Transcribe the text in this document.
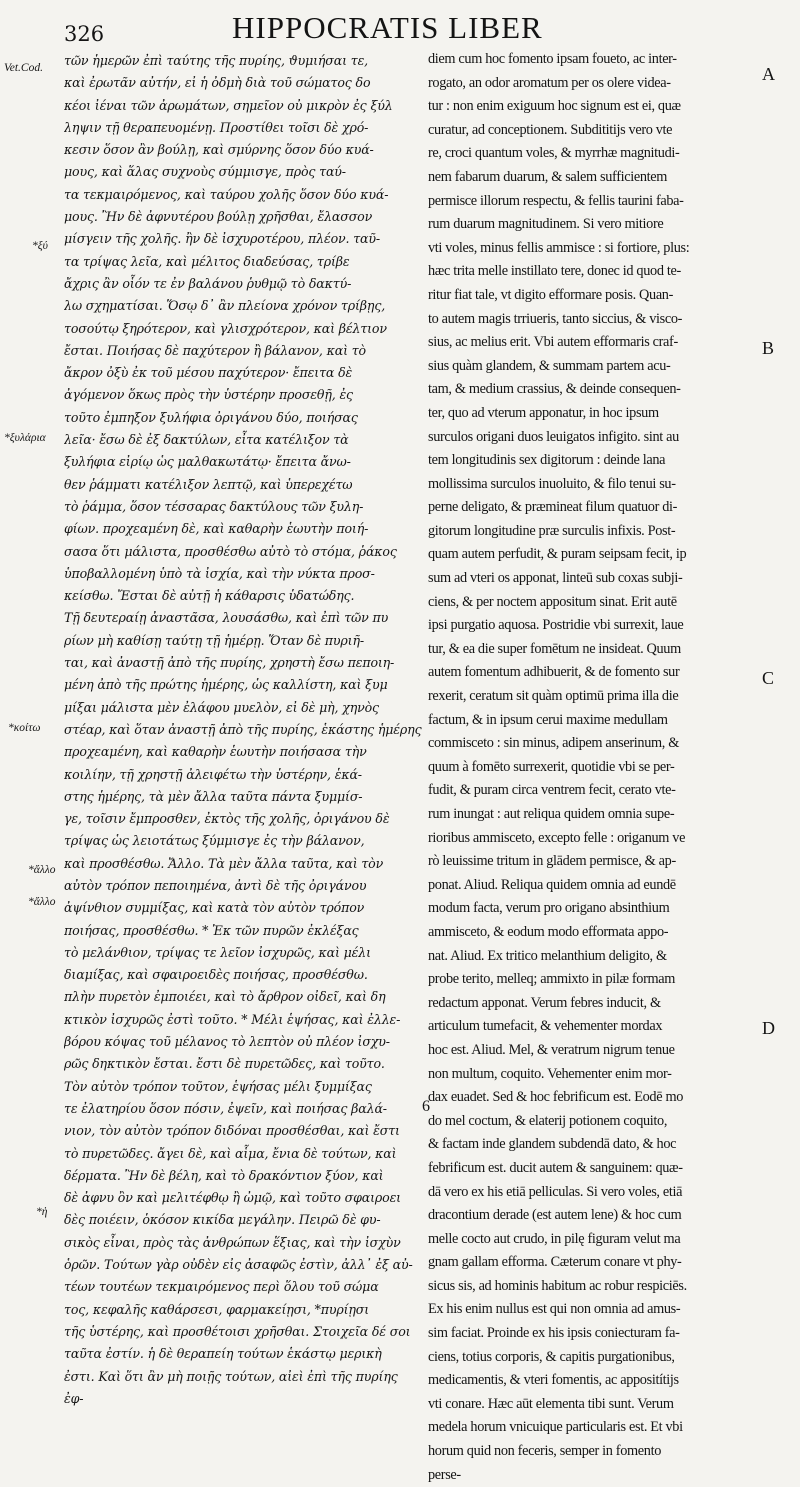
326	HIPPOCRATIS LIBER
Vet.Cod.
*ξύ
*ξυλάρια
*κοίτω
*ἄλλο
*ἄλλο
*ἡ
τῶν ἡμερῶν ἐπὶ ταύτης τῆς πυρίης, ϑυμιήσαι τε,
καὶ ἐρωτᾶν αὐτήν, εἰ ἡ ὀδμὴ διὰ τοῦ σώματος δο
κέοι ἰέναι τῶν ἀρωμάτων, σημεῖον οὐ μικρὸν ἐς ξύλ
ληψιν τῇ θεραπευομένῃ. Προστίθει τοῖσι δὲ χρό-
κεσιν ὅσον ἂν βούλῃ, καὶ σμύρνης ὅσον δύο κυά-
μους, καὶ ἅλας συχνοὺς σύμμισγε, πρὸς ταύ-
τα τεκμαιρόμενος, καὶ ταύρου χολῆς ὅσον δύο κυά-
μους. Ἢν δὲ ἀφνυτέρου βούλῃ χρῆσθαι, ἔλασσον
μίσγειν τῆς χολῆς. ἢν δὲ ἰσχυροτέρου, πλέον. ταῦ-
τα τρίψας λεῖα, καὶ μέλιτος διαδεύσας, τρίβε
ἄχρις ἂν οἷόν τε ἐν βαλάνου ῥυθμῷ τὸ δακτύ-
λω σχηματίσαι. Ὅσῳ δ᾽ ἂν πλείονα χρόνον τρίβῃς,
τοσούτῳ ξηρότερον, καὶ γλισχρότερον, καὶ βέλτιον
ἔσται. Ποιήσας δὲ παχύτερον ἢ βάλανον, καὶ τὸ
ἄκρον ὀξὺ ἐκ τοῦ μέσου παχύτερον· ἔπειτα δὲ
ἀγόμενον ὅκως πρὸς τὴν ὑστέρην προσεθῇ, ἐς
τοῦτο ἐμπηξον ξυλήφια ὀριγάνου δύο, ποιήσας
λεῖα· ἔσω δὲ ἐξ δακτύλων, εἶτα κατέλιξον τὰ
ξυλήφια εἰρίῳ ὡς μαλθακωτάτῳ· ἔπειτα ἄνω-
θεν ῥάμματι κατέλιξον λεπτῷ, καὶ ὑπερεχέτω
τὸ ῥάμμα, ὅσον τέσσαρας δακτύλους τῶν ξυλη-
φίων. προχεαμένη δὲ, καὶ καθαρὴν ἑωυτὴν ποιή-
σασα ὅτι μάλιστα, προσθέσθω αὐτὸ τὸ στόμα, ῥάκος
ὑποβαλλομένη ὑπὸ τὰ ἰσχία, καὶ τὴν νύκτα προσ-
κείσθω. Ἔσται δὲ αὐτῇ ἡ κάθαρσις ὑδατώδης.
Τῇ δευτεραίῃ ἀναστᾶσα, λουσάσθω, καὶ ἐπὶ τῶν πυ
ρίων μὴ καθίσῃ ταύτῃ τῇ ἡμέρῃ. Ὅταν δὲ πυριῆ-
ται, καὶ ἀναστῇ ἀπὸ τῆς πυρίης, χρηστὴ ἔσω πεποιη-
μένη ἀπὸ τῆς πρώτης ἡμέρης, ὡς καλλίστη, καὶ ξυμ
μίξαι μάλιστα μὲν ἐλάφου μυελὸν, εἰ δὲ μὴ, χηνὸς
στέαρ, καὶ ὅταν ἀναστῇ ἀπὸ τῆς πυρίης, ἑκάστης ἡμέρης
προχεαμένη, καὶ καθαρὴν ἑωυτὴν ποιήσασα τὴν
κοιλίην, τῇ χρηστῇ ἀλειφέτω τὴν ὑστέρην, ἑκά-
στης ἡμέρης, τὰ μὲν ἄλλα ταῦτα πάντα ξυμμίσ-
γε, τοῖσιν ἔμπροσθεν, ἐκτὸς τῆς χολῆς, ὀριγάνου δὲ
τρίψας ὡς λειοτάτως ξύμμισγε ἐς τὴν βάλανον,
καὶ προσθέσθω. Ἄλλο. Τὰ μὲν ἄλλα ταῦτα, καὶ τὸν
αὐτὸν τρόπον πεποιημένα, ἀντὶ δὲ τῆς ὀριγάνου
ἀψίνθιον συμμίξας, καὶ κατὰ τὸν αὐτὸν τρόπον
ποιήσας, προσθέσθω. * Ἐκ τῶν πυρῶν ἐκλέξας
τὸ μελάνθιον, τρίψας τε λεῖον ἰσχυρῶς, καὶ μέλι
διαμίξας, καὶ σφαιροειδὲς ποιήσας, προσθέσθω.
πλὴν πυρετὸν ἐμποιέει, καὶ τὸ ἄρθρον οἰδεῖ, καὶ δη
κτικὸν ἰσχυρῶς ἐστὶ τοῦτο. * Μέλι ἑψήσας, καὶ ἐλλε-
βόρου κόψας τοῦ μέλανος τὸ λεπτὸν οὐ πλέον ἰσχυ-
ρῶς δηκτικὸν ἔσται. ἔστι δὲ πυρετῶδες, καὶ τοῦτο.
Τὸν αὐτὸν τρόπον τοῦτον, ἑψήσας μέλι ξυμμίξας
τε ἐλατηρίου ὅσον πόσιν, ἐψεῖν, καὶ ποιήσας βαλά-
νιον, τὸν αὐτὸν τρόπον διδόναι προσθέσθαι, καὶ ἔστι
τὸ πυρετῶδες. ἄγει δὲ, καὶ αἷμα, ἔνια δὲ τούτων, καὶ
δέρματα. Ἢν δὲ βέλη, καὶ τὸ δρακόντιον ξύον, καὶ
δὲ ἀφνυ ὂν καὶ μελιτέφθῳ ἢ ὠμῷ, καὶ τοῦτο σφαιροει
δὲς ποιέειν, ὁκόσον κικίδα μεγάλην. Πειρῶ δὲ φυ-
σικὸς εἶναι, πρὸς τὰς ἀνθρώπων ἕξιας, καὶ τὴν ἰσχὺν
ὁρῶν. Τούτων γὰρ οὐδὲν εἰς ἀσαφῶς ἐστὶν, ἀλλ᾽ ἐξ αὐ-
τέων τουτέων τεκμαιρόμενος περὶ ὅλου τοῦ σώμα
τος, κεφαλῆς καθάρσεσι, φαρμακείῃσι, *πυρίῃσι
τῆς ὑστέρης, καὶ προσθέτοισι χρῆσθαι. Στοιχεῖα δέ σοι
ταῦτα ἐστίν. ἡ δὲ θεραπείη τούτων ἑκάστῳ μερικὴ
ἐστι. Καὶ ὅτι ἂν μὴ ποιῇς τούτων, αἰεὶ ἐπὶ τῆς πυρίης
ἐφ-
diem cum hoc fomento ipsam foueto, ac inter-
rogato, an odor aromatum per os olere videa-
tur : non enim exiguum hoc signum est ei, quæ
curatur, ad conceptionem. Subdititijs vero vte
re, croci quantum voles, & myrrhæ magnitudi-
nem fabarum duarum, & salem sufficientem
permisce illorum respectu, & fellis taurini faba-
rum duarum magnitudinem. Si vero mitiore
vti voles, minus fellis ammisce : si fortiore, plus:
hæc trita melle instillato tere, donec id quod te-
ritur fiat tale, vt digito efformare posis. Quan-
to autem magis trriueris, tanto siccius, & visco-
sius, ac melius erit. Vbi autem efformaris craf-
sius quàm glandem, & summam partem acu-
tam, & medium crassius, & deinde consequen-
ter, quo ad vterum apponatur, in hoc ipsum
surculos origani duos leuigatos infigito. sint au
tem longitudinis sex digitorum : deinde lana
mollissima surculos inuoluito, & filo tenui su-
perne deligato, & præmineat filum quatuor di-
gitorum longitudine præ surculis infixis. Post-
quam autem perfudit, & puram seipsam fecit, ip
sum ad vteri os apponat, linteū sub coxas subji-
ciens, & per noctem appositum sinat. Erit autē
ipsi purgatio aquosa. Postridie vbi surrexit, laue
tur, & ea die super fomētum ne insideat. Quum
autem fomentum adhibuerit, & de fomento sur
rexerit, ceratum sit quàm optimū prima illa die
factum, & in ipsum cerui maxime medullam
commisceto : sin minus, adipem anserinum, &
quum à fomēto surrexerit, quotidie vbi se per-
fudit, & puram circa ventrem fecit, cerato vte-
rum inungat : aut reliqua quidem omnia supe-
rioribus ammisceto, excepto felle : origanum ve
rò leuissime tritum in glādem permisce, & ap-
ponat. Aliud. Reliqua quidem omnia ad eundē
modum facta, verum pro origano absinthium
ammisceto, & eodum modo efformata appo-
nat. Aliud. Ex tritico melanthium deligito, &
probe terito, melleq; ammixto in pilæ formam
redactum apponat. Verum febres inducit, &
articulum tumefacit, & vehementer mordax
hoc est. Aliud. Mel, & veratrum nigrum tenue
non multum, coquito. Vehementer enim mor-
dax euadet. Sed & hoc febrificum est. Eodē mo
do mel coctum, & elaterij potionem coquito,
& factam inde glandem subdendā dato, & hoc
febrificum est. ducit autem & sanguinem: quæ-
dā vero ex his etiā pelliculas. Si vero voles, etiā
dracontium derade (est autem lene) & hoc cum
melle cocto aut crudo, in pilę figuram velut ma
gnam gallam efforma. Cæterum conare vt phy-
sicus sis, ad hominis habitum ac robur respiciēs.
Ex his enim nullus est qui non omnia ad amus-
sim faciat. Proinde ex his ipsis coniecturam fa-
ciens, totius corporis, & capitis purgationibus,
medicamentis, & vteri fomentis, ac appositítijs
vti conare. Hæc aūt elementa tibi sunt. Verum
medela horum vnicuique particularis est. Et vbi
horum quid non feceris, semper in fomento
perse-
A
B
C
D
6
